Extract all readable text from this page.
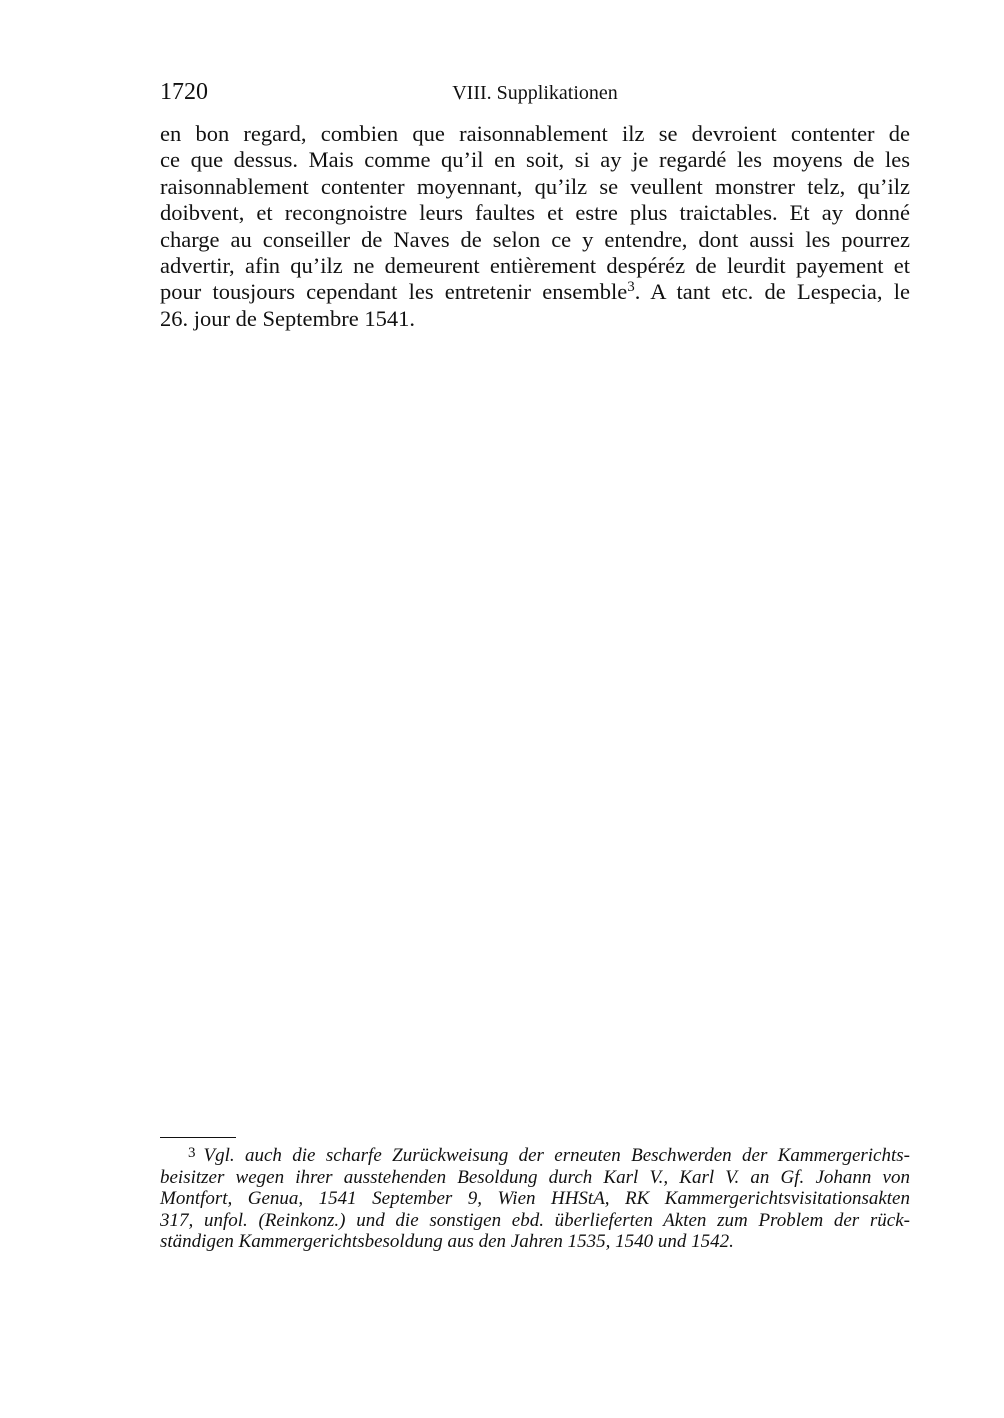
1720	VIII. Supplikationen
en bon regard, combien que raisonnablement ilz se devroient contenter de
ce que dessus. Mais comme qu’il en soit, si ay je regardé les moyens de les
raisonnablement contenter moyennant, qu’ilz se veullent monstrer telz, qu’ilz
doibvent, et recongnoistre leurs faultes et estre plus traictables. Et ay donné
charge au conseiller de Naves de selon ce y entendre, dont aussi les pourrez
advertir, afin qu’ilz ne demeurent entièrement despéréz de leurdit payement et
pour tousjours cependant les entretenir ensemble$^3$. A tant etc. de Lespecia, le
26. jour de Septembre 1541.
$^3$ Vgl. auch die scharfe Zurückweisung der erneuten Beschwerden der Kammergerichts-
beisitzer wegen ihrer ausstehenden Besoldung durch Karl V., Karl V. an Gf. Johann von
Montfort, Genua, 1541 September 9, Wien HHStA, RK Kammergerichtsvisitationsakten
317, unfol. (Reinkonz.) und die sonstigen ebd. überlieferten Akten zum Problem der rück-
ständigen Kammergerichtsbesoldung aus den Jahren 1535, 1540 und 1542.
